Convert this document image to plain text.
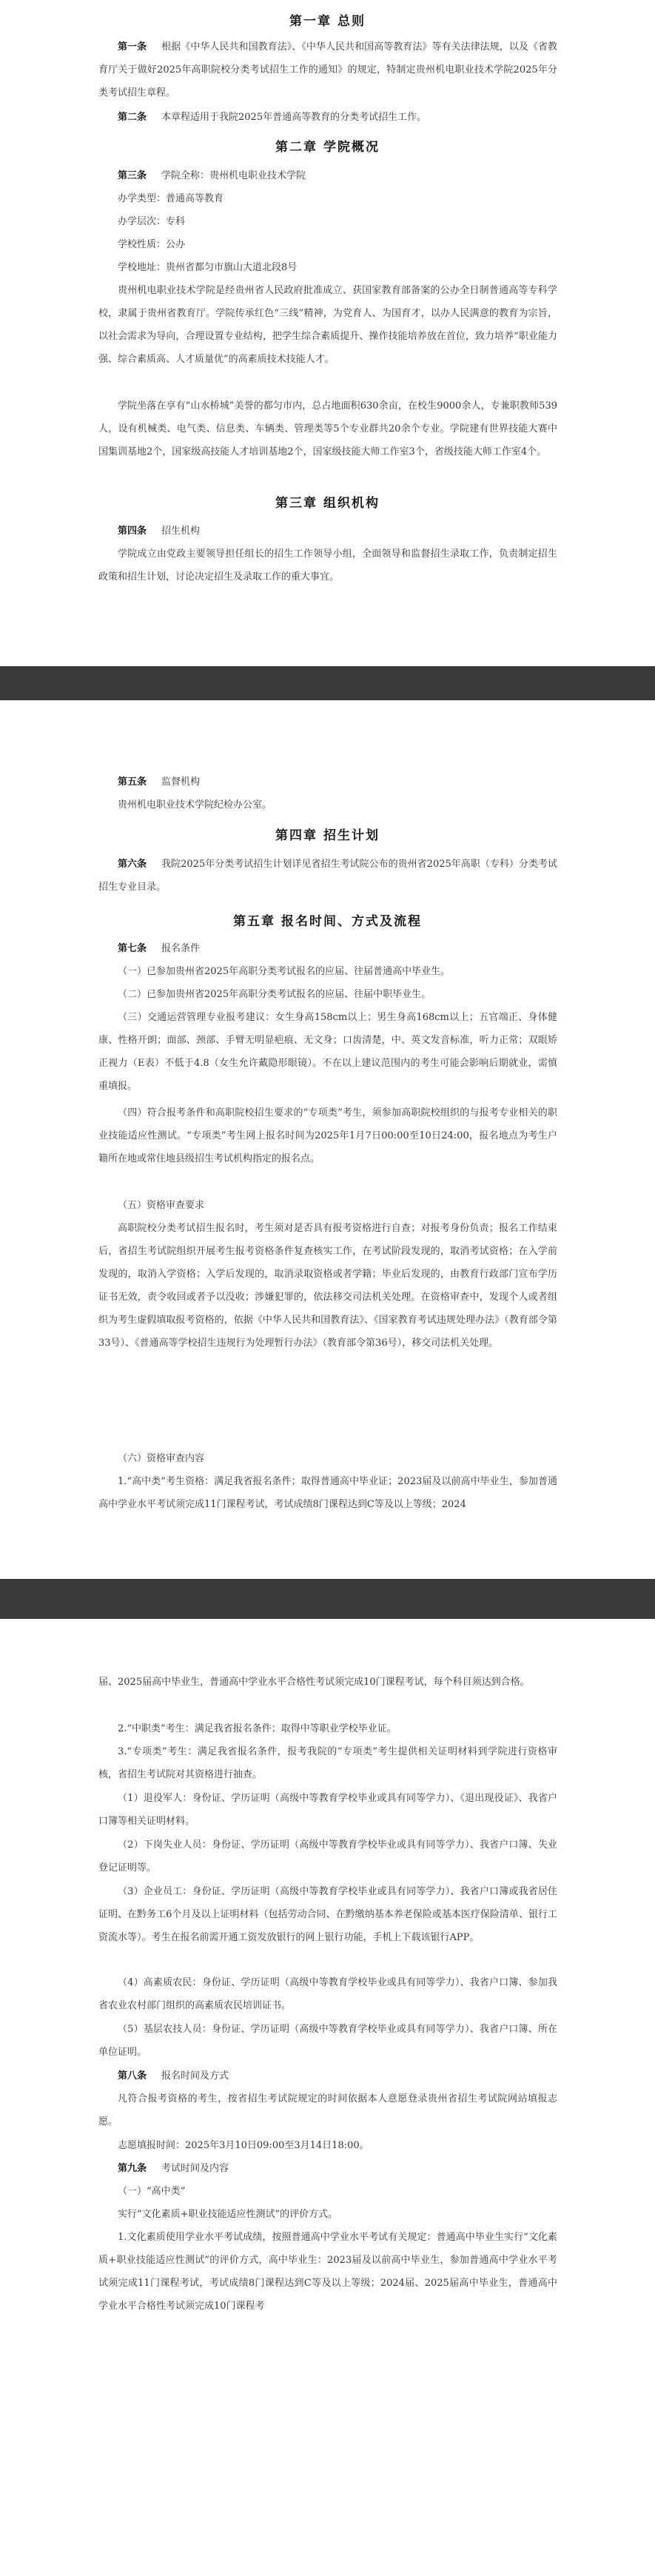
第一章 总则
第一条 根据《中华人民共和国教育法》、《中华人民共和国高等教育法》等有关法律法规，以及《省教育厅关于做好2025年高职院校分类考试招生工作的通知》的规定，特制定贵州机电职业技术学院2025年分类考试招生章程。
第二条 本章程适用于我院2025年普通高等教育的分类考试招生工作。
第二章 学院概况
第三条 学院全称：贵州机电职业技术学院
办学类型：普通高等教育
办学层次：专科
学校性质：公办
学校地址：贵州省都匀市旗山大道北段8号
贵州机电职业技术学院是经贵州省人民政府批准成立、获国家教育部备案的公办全日制普通高等专科学校，隶属于贵州省教育厅。学院传承红色“三线”精神，为党育人、为国育才，以办人民满意的教育为宗旨，以社会需求为导向，合理设置专业结构，把学生综合素质提升、操作技能培养放在首位，致力培养“职业能力强、综合素质高、人才质量优”的高素质技术技能人才。
学院坐落在享有“山水桥城”美誉的都匀市内，总占地面积630余亩，在校生9000余人，专兼职教师539人，设有机械类、电气类、信息类、车辆类、管理类等5个专业群共20余个专业。学院建有世界技能大赛中国集训基地2个，国家级高技能人才培训基地2个，国家级技能大师工作室3个，省级技能大师工作室4个。
第三章 组织机构
第四条 招生机构
学院成立由党政主要领导担任组长的招生工作领导小组，全面领导和监督招生录取工作，负责制定招生政策和招生计划，讨论决定招生及录取工作的重大事宜。
第五条 监督机构
贵州机电职业技术学院纪检办公室。
第四章 招生计划
第六条 我院2025年分类考试招生计划详见省招生考试院公布的贵州省2025年高职（专科）分类考试招生专业目录。
第五章 报名时间、方式及流程
第七条 报名条件
（一）已参加贵州省2025年高职分类考试报名的应届、往届普通高中毕业生。
（二）已参加贵州省2025年高职分类考试报名的应届、往届中职毕业生。
（三）交通运营管理专业报考建议：女生身高158cm以上；男生身高168cm以上；五官端正、身体健康、性格开朗；面部、颈部、手臂无明显疤痕、无文身；口齿清楚，中、英文发音标准，听力正常；双眼矫正视力（E表）不低于4.8（女生允许戴隐形眼镜）。不在以上建议范围内的考生可能会影响后期就业，需慎重填报。
（四）符合报考条件和高职院校招生要求的“专项类”考生，须参加高职院校组织的与报考专业相关的职业技能适应性测试。“专项类”考生网上报名时间为2025年1月7日00:00至10日24:00，报名地点为考生户籍所在地或常住地县级招生考试机构指定的报名点。
（五）资格审查要求
高职院校分类考试招生报名时，考生须对是否具有报考资格进行自查；对报考身份负责；报名工作结束后，省招生考试院组织开展考生报考资格条件复查核实工作，在考试阶段发现的，取消考试资格；在入学前发现的，取消入学资格；入学后发现的，取消录取资格或者学籍；毕业后发现的，由教育行政部门宣布学历证书无效，责令收回或者予以没收；涉嫌犯罪的，依法移交司法机关处理。在资格审查中，发现个人或者组织为考生虚假填取报考资格的，依据《中华人民共和国教育法》、《国家教育考试违规处理办法》（教育部令第33号）、《普通高等学校招生违规行为处理暂行办法》（教育部令第36号），移交司法机关处理。
（六）资格审查内容
1.“高中类”考生资格：满足我省报名条件；取得普通高中毕业证；2023届及以前高中毕业生，参加普通高中学业水平考试须完成11门课程考试，考试成绩8门课程达到C等及以上等级；2024
届、2025届高中毕业生，普通高中学业水平合格性考试须完成10门课程考试，每个科目须达到合格。
2.“中职类”考生：满足我省报名条件；取得中等职业学校毕业证。
3.“专项类”考生：满足我省报名条件，报考我院的“专项类”考生提供相关证明材料到学院进行资格审核，省招生考试院对其资格进行抽查。
（1）退役军人：身份证、学历证明（高级中等教育学校毕业或具有同等学力）、《退出现役证》、我省户口簿等相关证明材料。
（2）下岗失业人员：身份证、学历证明（高级中等教育学校毕业或具有同等学力）、我省户口簿、失业登记证明等。
（3）企业员工：身份证、学历证明（高级中等教育学校毕业或具有同等学力）、我省户口簿或我省居住证明、在黔务工6个月及以上证明材料（包括劳动合同、在黔缴纳基本养老保险或基本医疗保险清单、银行工资流水等）。考生在报名前需开通工资发放银行的网上银行功能，手机上下载该银行APP。
（4）高素质农民：身份证、学历证明（高级中等教育学校毕业或具有同等学力）、我省户口簿、参加我省农业农村部门组织的高素质农民培训证书。
（5）基层农技人员：身份证、学历证明（高级中等教育学校毕业或具有同等学力）、我省户口簿、所在单位证明。
第八条 报名时间及方式
凡符合报考资格的考生，按省招生考试院规定的时间依据本人意愿登录贵州省招生考试院网站填报志愿。
志愿填报时间：2025年3月10日09:00至3月14日18:00。
第九条 考试时间及内容
（一）“高中类”
实行“文化素质+职业技能适应性测试”的评价方式。
1.文化素质使用学业水平考试成绩，按照普通高中学业水平考试有关规定：普通高中毕业生实行“文化素质+职业技能适应性测试”的评价方式，高中毕业生：2023届及以前高中毕业生，参加普通高中学业水平考试须完成11门课程考试，考试成绩8门课程达到C等及以上等级；2024届、2025届高中毕业生，普通高中学业水平合格性考试须完成10门课程考
